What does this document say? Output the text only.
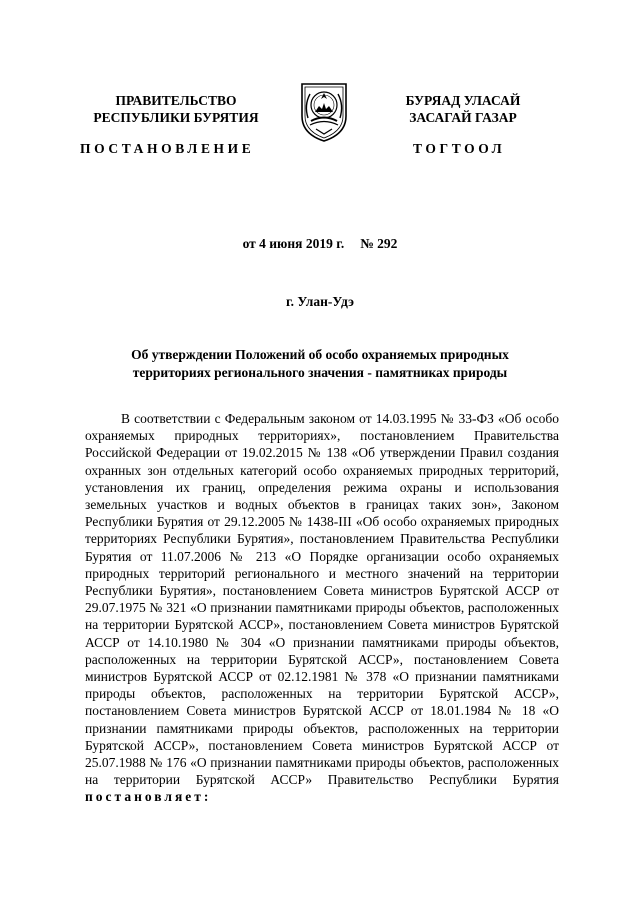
ПРАВИТЕЛЬСТВО
РЕСПУБЛИКИ БУРЯТИЯ
ПОСТАНОВЛЕНИЕ
БУРЯАД УЛАСАЙ
ЗАСАГАЙ ГАЗАР
ТОГТООЛ
от 4 июня 2019 г. № 292
г. Улан-Удэ
Об утверждении Положений об особо охраняемых природных
территориях регионального значения - памятниках природы
В соответствии с Федеральным законом от 14.03.1995 № 33-ФЗ «Об особо охраняемых природных территориях», постановлением Правительства Российской Федерации от 19.02.2015 № 138 «Об утверждении Правил создания охранных зон отдельных категорий особо охраняемых природных территорий, установления их границ, определения режима охраны и использования земельных участков и водных объектов в границах таких зон», Законом Республики Бурятия от 29.12.2005 № 1438-III «Об особо охраняемых природных территориях Республики Бурятия», постановлением Правительства Республики Бурятия от 11.07.2006 № 213 «О Порядке организации особо охраняемых природных территорий регионального и местного значений на территории Республики Бурятия», постановлением Совета министров Бурятской АССР от 29.07.1975 № 321 «О признании памятниками природы объектов, расположенных на территории Бурятской АССР», постановлением Совета министров Бурятской АССР от 14.10.1980 № 304 «О признании памятниками природы объектов, расположенных на территории Бурятской АССР», постановлением Совета министров Бурятской АССР от 02.12.1981 № 378 «О признании памятниками природы объектов, расположенных на территории Бурятской АССР», постановлением Совета министров Бурятской АССР от 18.01.1984 № 18 «О признании памятниками природы объектов, расположенных на территории Бурятской АССР», постановлением Совета министров Бурятской АССР от 25.07.1988 № 176 «О признании памятниками природы объектов, расположенных на территории Бурятской АССР» Правительство Республики Бурятия постановляет:
